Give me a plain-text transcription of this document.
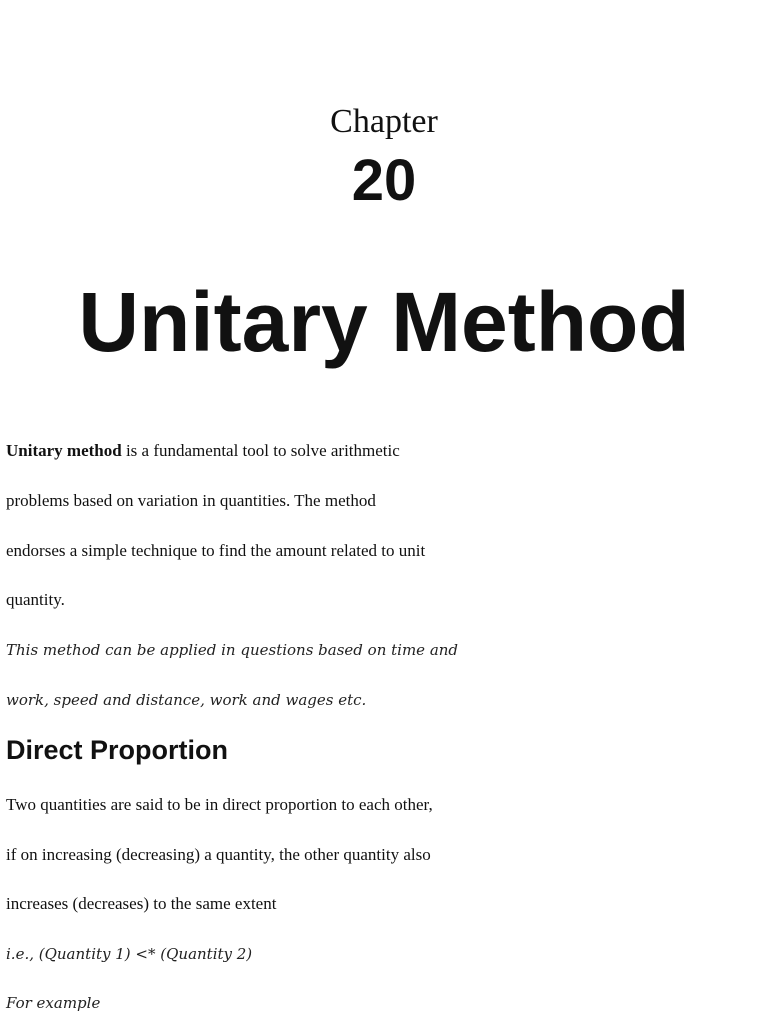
Chapter
20
Unitary Method
Unitary method is a fundamental tool to solve arithmetic
problems based on variation in quantities. The method
endorses a simple technique to find the amount related to unit
quantity.
This method can be applied in questions based on time and
work, speed and distance, work and wages etc.
Direct Proportion
Two quantities are said to be in direct proportion to each other,
if on increasing (decreasing) a quantity, the other quantity also
increases (decreases) to the same extent
i.e., (Quantity 1) <* (Quantity 2)
For example
